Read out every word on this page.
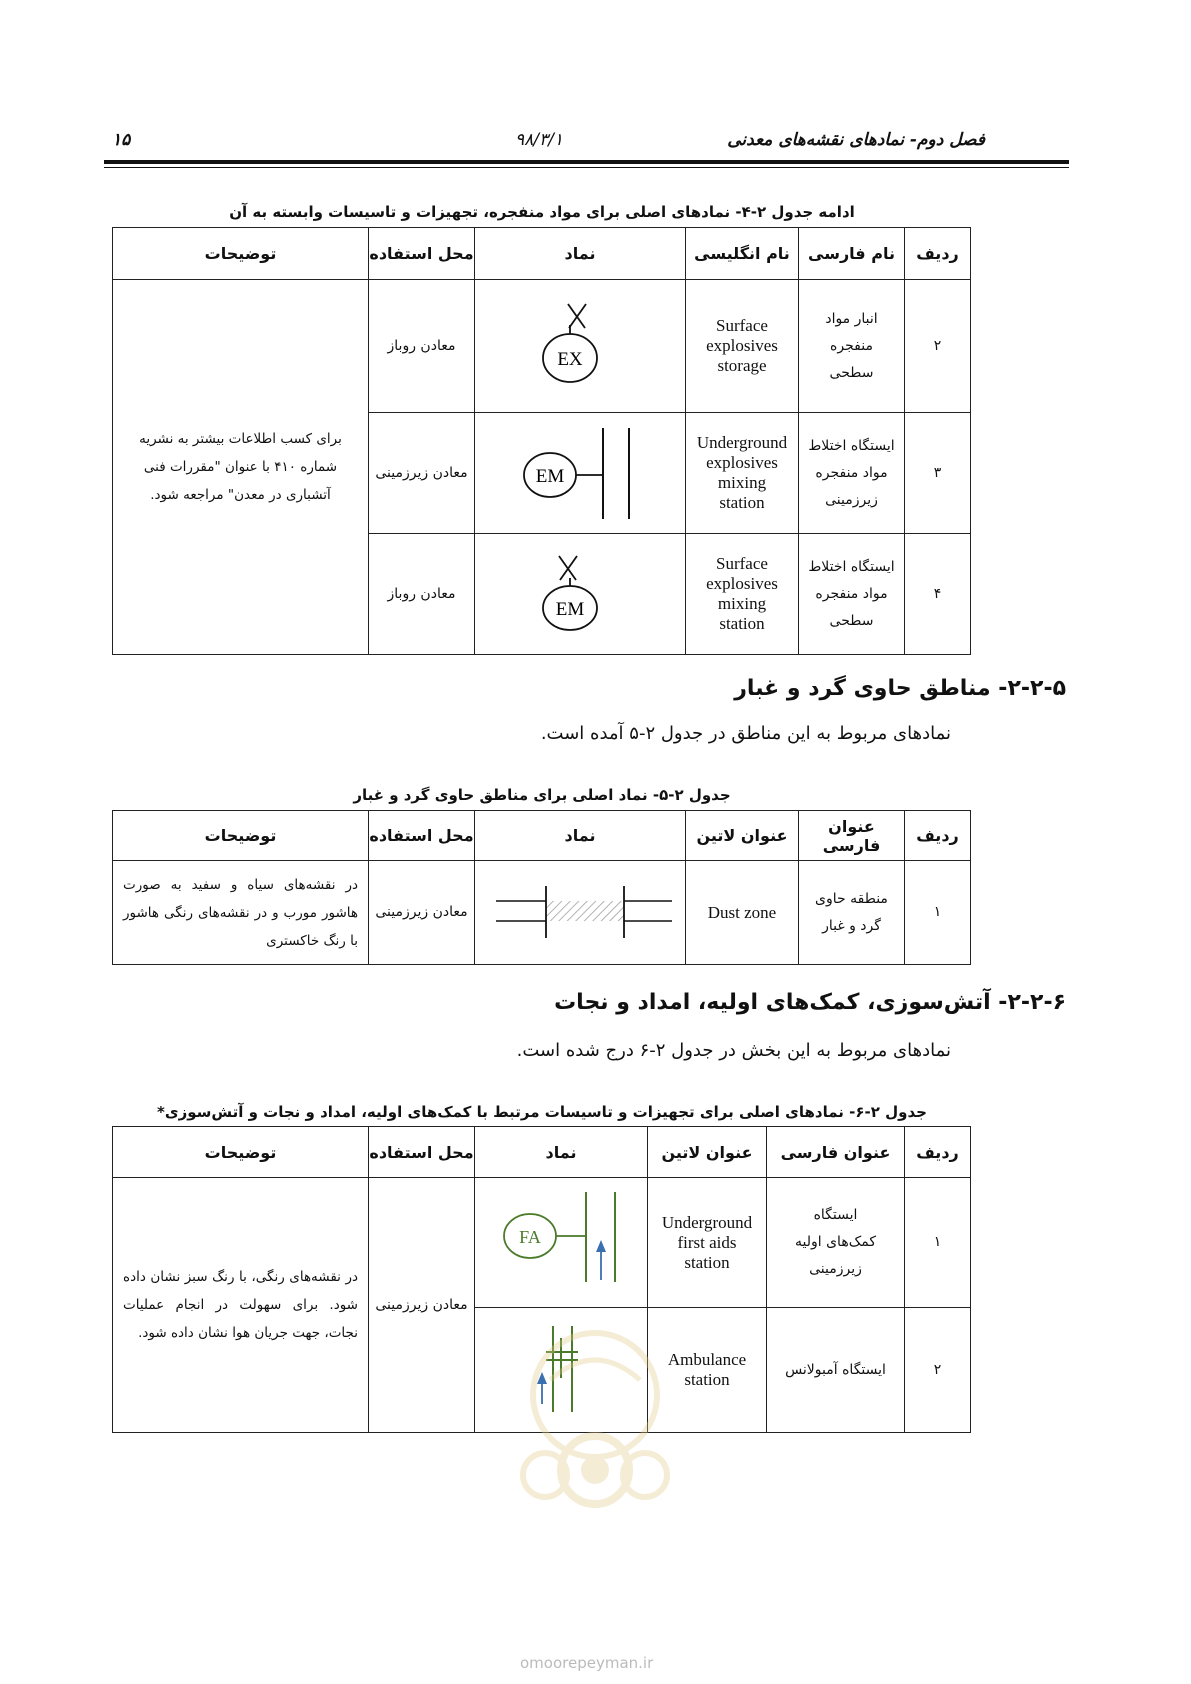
۱۵	۹۸/۳/۱	فصل دوم- نمادهای نقشه‌های معدنی
ادامه جدول ۲-۴- نمادهای اصلی برای مواد منفجره، تجهیزات و تاسیسات وابسته به آن
ردیف	نام فارسی	نام انگلیسی	نماد	محل استفاده	توضیحات
۲	انبار مواد منفجره سطحی	Surface explosives storage	EX	معادن روباز	برای کسب اطلاعات بیشتر به نشریه شماره ۴۱۰ با عنوان "مقررات فنی آتشباری در معدن" مراجعه شود.
۳	ایستگاه اختلاط مواد منفجره زیرزمینی	Underground explosives mixing station	EM	معادن زیرزمینی	
۴	ایستگاه اختلاط مواد منفجره سطحی	Surface explosives mixing station	EM	معادن روباز	
۲-۲-۵- مناطق حاوی گرد و غبار
نمادهای مربوط به این مناطق در جدول ۲-۵ آمده است.
جدول ۲-۵- نماد اصلی برای مناطق حاوی گرد و غبار
ردیف	عنوان فارسی	عنوان لاتین	نماد	محل استفاده	توضیحات
۱	منطقه حاوی گرد و غبار	Dust zone		معادن زیرزمینی	در نقشه‌های سیاه و سفید به صورت هاشور مورب و در نقشه‌های رنگی هاشور با رنگ خاکستری
۲-۲-۶- آتش‌سوزی، کمک‌های اولیه، امداد و نجات
نمادهای مربوط به این بخش در جدول ۲-۶ درج شده است.
جدول ۲-۶- نمادهای اصلی برای تجهیزات و تاسیسات مرتبط با کمک‌های اولیه، امداد و نجات و آتش‌سوزی*
ردیف	عنوان فارسی	عنوان لاتین	نماد	محل استفاده	توضیحات
۱	ایستگاه کمک‌های اولیه زیرزمینی	Underground first aids station	FA	معادن زیرزمینی	در نقشه‌های رنگی، با رنگ سبز نشان داده شود. برای سهولت در انجام عملیات نجات، جهت جریان هوا نشان داده شود.
۲	ایستگاه آمبولانس	Ambulance station	
omoorepeyman.ir
